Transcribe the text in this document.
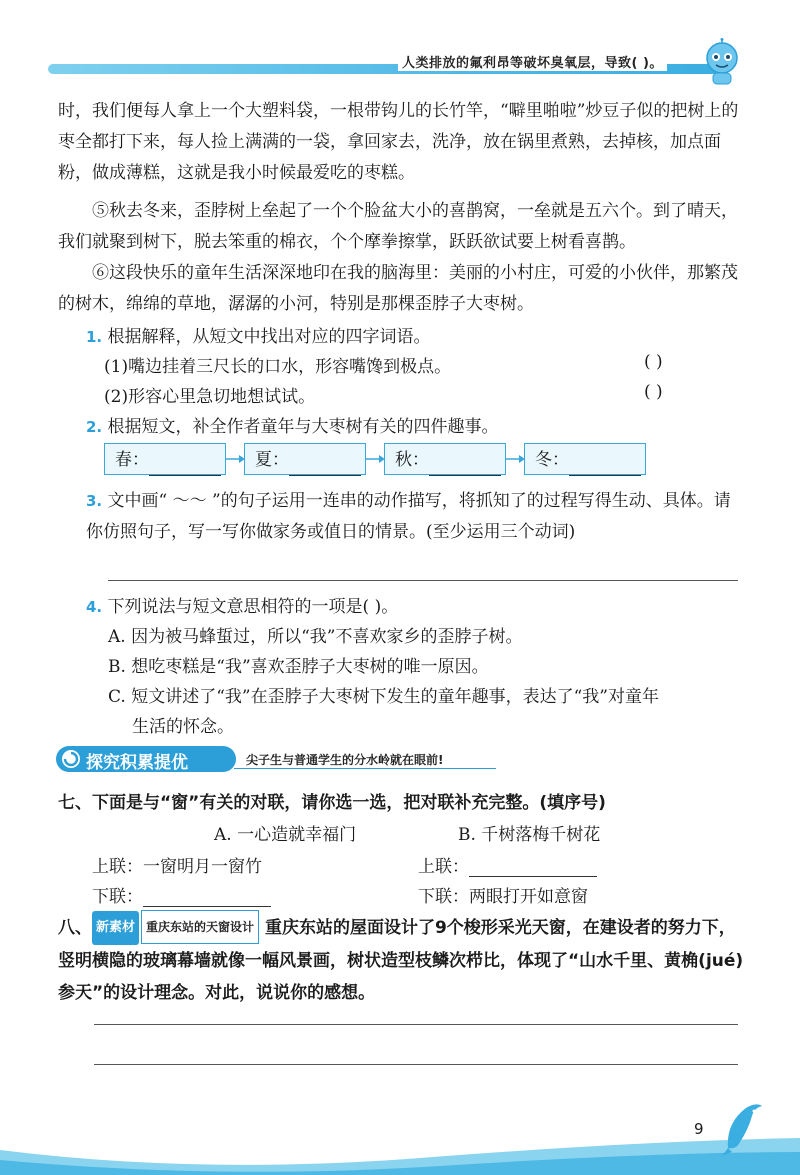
人类排放的氟利昂等破坏臭氧层，导致( )。

时，我们便每人拿上一个大塑料袋，一根带钩儿的长竹竿，“噼里啪啦”炒豆子似的把树上的枣全都打下来，每人捡上满满的一袋，拿回家去，洗净，放在锅里煮熟，去掉核，加点面粉，做成薄糕，这就是我小时候最爱吃的枣糕。

⑤秋去冬来，歪脖树上垒起了一个个脸盆大小的喜鹊窝，一垒就是五六个。到了晴天，我们就聚到树下，脱去笨重的棉衣，个个摩拳擦掌，跃跃欲试要上树看喜鹊。

⑥这段快乐的童年生活深深地印在我的脑海里：美丽的小村庄，可爱的小伙伴，那繁茂的树木，绵绵的草地，潺潺的小河，特别是那棵歪脖子大枣树。

1. 根据解释，从短文中找出对应的四字词语。
(1)嘴边挂着三尺长的口水，形容嘴馋到极点。	( )
(2)形容心里急切地想试试。	( )
2. 根据短文，补全作者童年与大枣树有关的四件趣事。
春：	夏：	秋：	冬：
3. 文中画“ ～～ ”的句子运用一连串的动作描写，将抓知了的过程写得生动、具体。请你仿照句子，写一写你做家务或值日的情景。(至少运用三个动词)
4. 下列说法与短文意思相符的一项是( )。
A. 因为被马蜂蜇过，所以“我”不喜欢家乡的歪脖子树。
B. 想吃枣糕是“我”喜欢歪脖子大枣树的唯一原因。
C. 短文讲述了“我”在歪脖子大枣树下发生的童年趣事，表达了“我”对童年
生活的怀念。
探究积累提优	尖子生与普通学生的分水岭就在眼前!
七、下面是与“窗”有关的对联，请你选一选，把对联补充完整。(填序号)
A. 一心造就幸福门	B. 千树落梅千树花
上联：一窗明月一窗竹	上联：
下联：	下联：两眼打开如意窗
八、 新素材 重庆东站的天窗设计 重庆东站的屋面设计了9个梭形采光天窗，在建设者的努力下，竖明横隐的玻璃幕墙就像一幅风景画，树状造型枝鳞次栉比，体现了“山水千里、黄桷(jué)参天”的设计理念。对此，说说你的感想。
9
